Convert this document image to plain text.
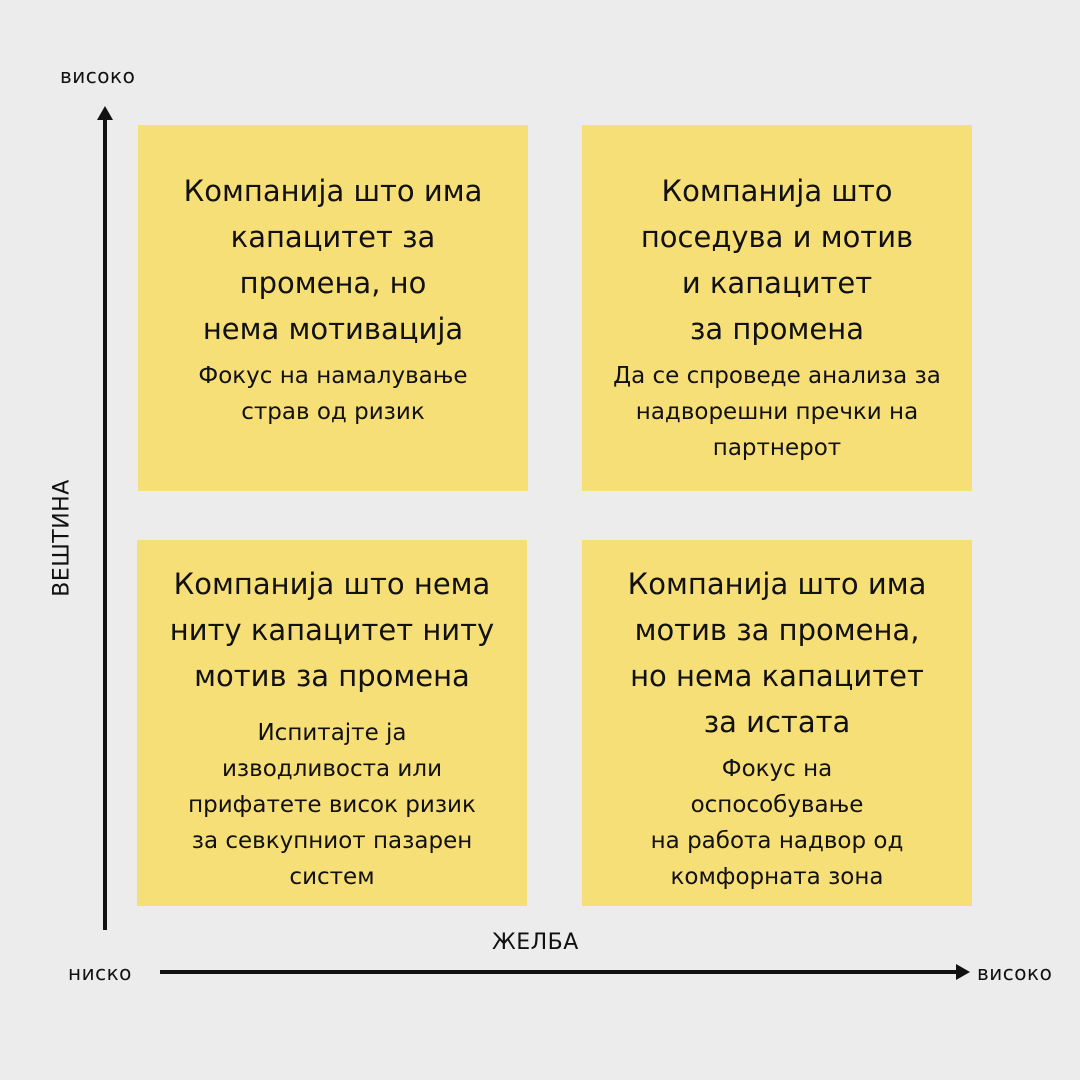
високо
ВЕШТИНА
ниско	високо
ЖЕЛБА
Компанија што има
капацитет за
промена, но
нема мотивација
Фокус на намалување
страв од ризик
Компанија што
поседува и мотив
и капацитет
за промена
Да се спроведе анализа за
надворешни пречки на
партнерот
Компанија што нема
ниту капацитет ниту
мотив за промена
Испитајте ја
изводливоста или
прифатете висок ризик
за севкупниот пазарен
систем
Компанија што има
мотив за промена,
но нема капацитет
за истата
Фокус на
оспособување
на работа надвор од
комфорната зона
